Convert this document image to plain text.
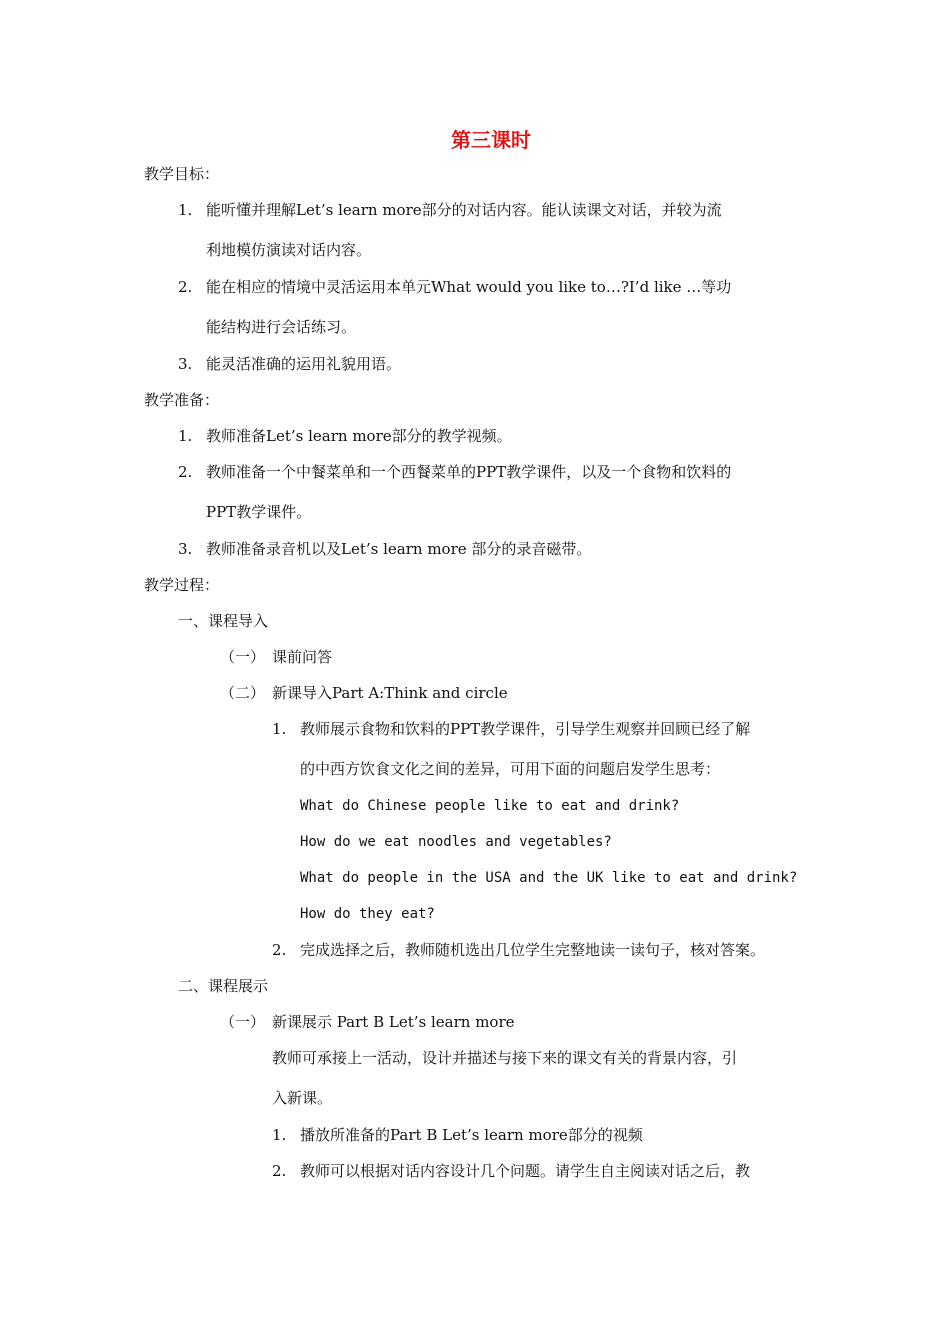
第三课时
教学目标：
1. 能听懂并理解Let’s learn more部分的对话内容。能认读课文对话，并较为流
利地模仿演读对话内容。
2. 能在相应的情境中灵活运用本单元What would you like to…?I’d like …等功
能结构进行会话练习。
3. 能灵活准确的运用礼貌用语。
教学准备：
1. 教师准备Let’s learn more部分的教学视频。
2. 教师准备一个中餐菜单和一个西餐菜单的PPT教学课件，以及一个食物和饮料的
PPT教学课件。
3. 教师准备录音机以及Let’s learn more 部分的录音磁带。
教学过程：
一、课程导入
（一） 课前问答
（二） 新课导入Part A:Think and circle
1. 教师展示食物和饮料的PPT教学课件，引导学生观察并回顾已经了解
的中西方饮食文化之间的差异，可用下面的问题启发学生思考：
What do Chinese people like to eat and drink?
How do we eat noodles and vegetables?
What do people in the USA and the UK like to eat and drink?
How do they eat?
2. 完成选择之后，教师随机选出几位学生完整地读一读句子，核对答案。
二、课程展示
（一） 新课展示 Part B Let’s learn more
教师可承接上一活动，设计并描述与接下来的课文有关的背景内容，引
入新课。
1. 播放所准备的Part B Let’s learn more部分的视频
2. 教师可以根据对话内容设计几个问题。请学生自主阅读对话之后，教
